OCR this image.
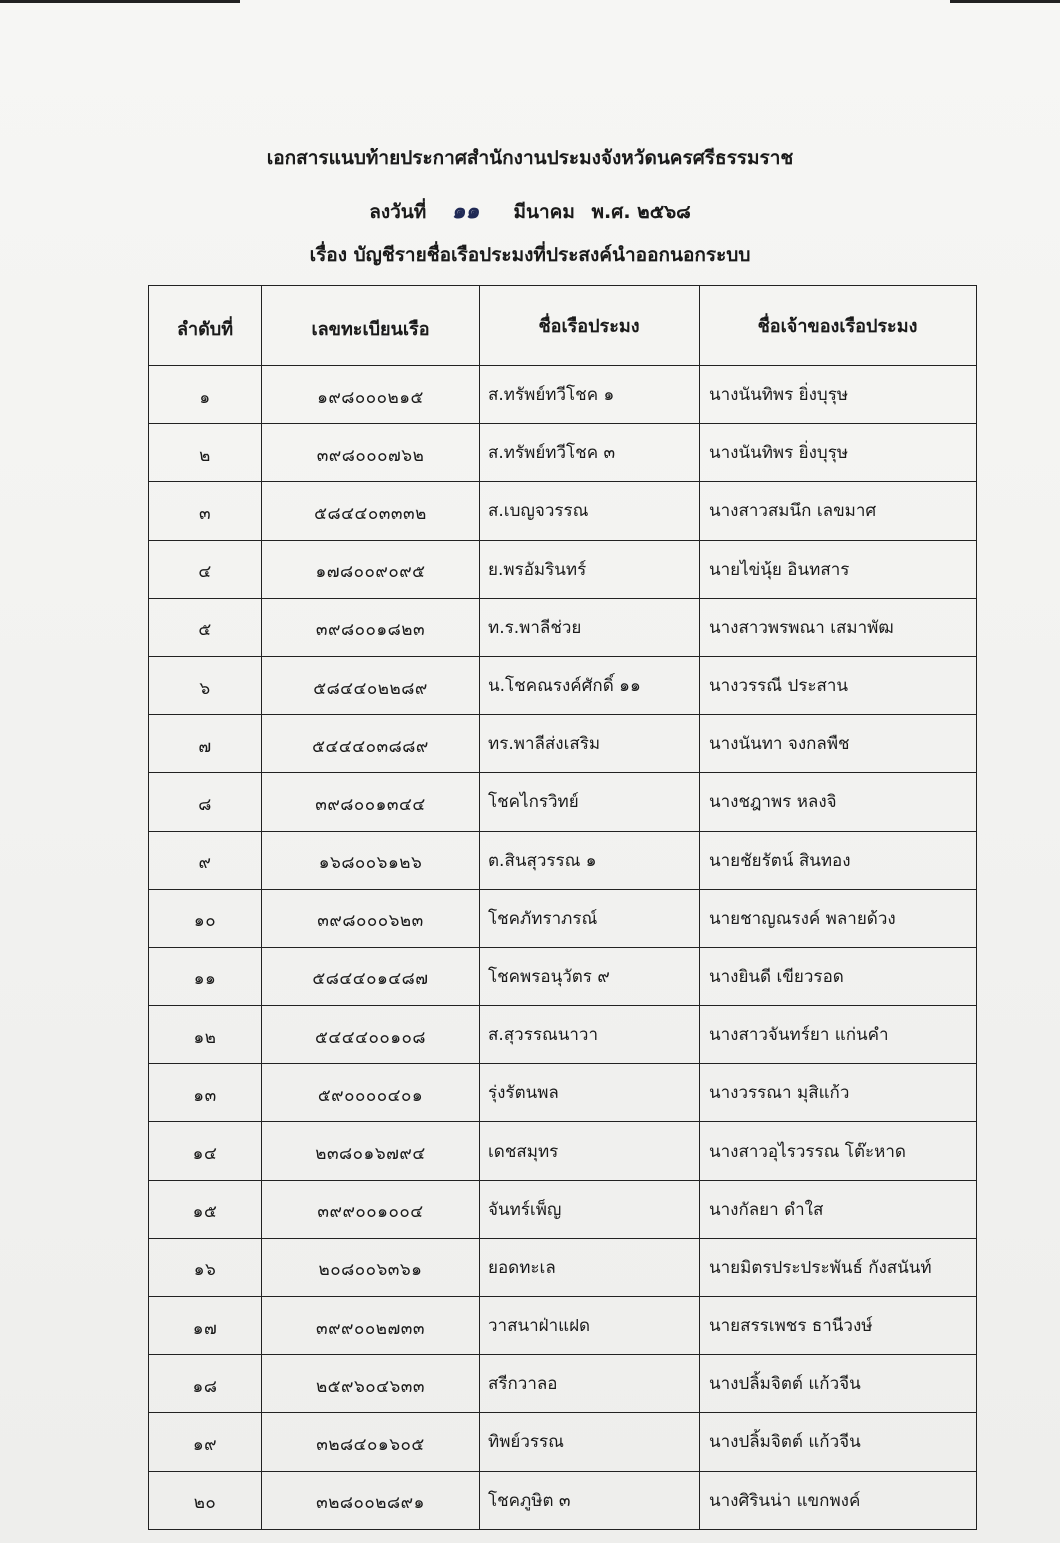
เอกสารแนบท้ายประกาศสำนักงานประมงจังหวัดนครศรีธรรมราช
ลงวันที่ ๑๑ มีนาคม พ.ศ. ๒๕๖๘
เรื่อง บัญชีรายชื่อเรือประมงที่ประสงค์นำออกนอกระบบ
ลำดับที่	เลขทะเบียนเรือ	ชื่อเรือประมง	ชื่อเจ้าของเรือประมง
๑	๑๙๘๐๐๐๒๑๕	ส.ทรัพย์ทวีโชค ๑	นางนันทิพร ยิ่งบุรุษ
๒	๓๙๘๐๐๐๗๖๒	ส.ทรัพย์ทวีโชค ๓	นางนันทิพร ยิ่งบุรุษ
๓	๕๘๔๔๐๓๓๓๒	ส.เบญจวรรณ	นางสาวสมนึก เลขมาศ
๔	๑๗๘๐๐๙๐๙๕	ย.พรอัมรินทร์	นายไข่นุ้ย อินทสาร
๕	๓๙๘๐๐๑๘๒๓	ท.ร.พาลีช่วย	นางสาวพรพณา เสมาพัฒ
๖	๕๘๔๔๐๒๒๘๙	น.โชคณรงค์ศักดิ์ ๑๑	นางวรรณี ประสาน
๗	๕๔๔๔๐๓๘๘๙	ทร.พาลีส่งเสริม	นางนันทา จงกลพืช
๘	๓๙๘๐๐๑๓๔๔	โชคไกรวิทย์	นางชฎาพร หลงจิ
๙	๑๖๘๐๐๖๑๒๖	ต.สินสุวรรณ ๑	นายชัยรัตน์ สินทอง
๑๐	๓๙๘๐๐๐๖๒๓	โชคภัทราภรณ์	นายชาญณรงค์ พลายด้วง
๑๑	๕๘๔๔๐๑๔๘๗	โชคพรอนุวัตร ๙	นางยินดี เขียวรอด
๑๒	๕๔๔๔๐๐๑๐๘	ส.สุวรรณนาวา	นางสาวจันทร์ยา แก่นคำ
๑๓	๕๙๐๐๐๐๔๐๑	รุ่งรัตนพล	นางวรรณา มุสิแก้ว
๑๔	๒๓๘๐๑๖๗๙๔	เดชสมุทร	นางสาวอุไรวรรณ โต๊ะหาด
๑๕	๓๙๙๐๐๑๐๐๔	จันทร์เพ็ญ	นางกัลยา ดำใส
๑๖	๒๐๘๐๐๖๓๖๑	ยอดทะเล	นายมิตรประประพันธ์ กังสนันท์
๑๗	๓๙๙๐๐๒๗๓๓	วาสนาฝ่าแฝด	นายสรรเพชร ธานีวงษ์
๑๘	๒๕๙๖๐๔๖๓๓	สรีกวาลอ	นางปลิ้มจิตต์ แก้วจีน
๑๙	๓๒๘๔๐๑๖๐๕	ทิพย์วรรณ	นางปลิ้มจิตต์ แก้วจีน
๒๐	๓๒๘๐๐๒๘๙๑	โชคภูษิต ๓	นางศิรินน่า แขกพงค์
